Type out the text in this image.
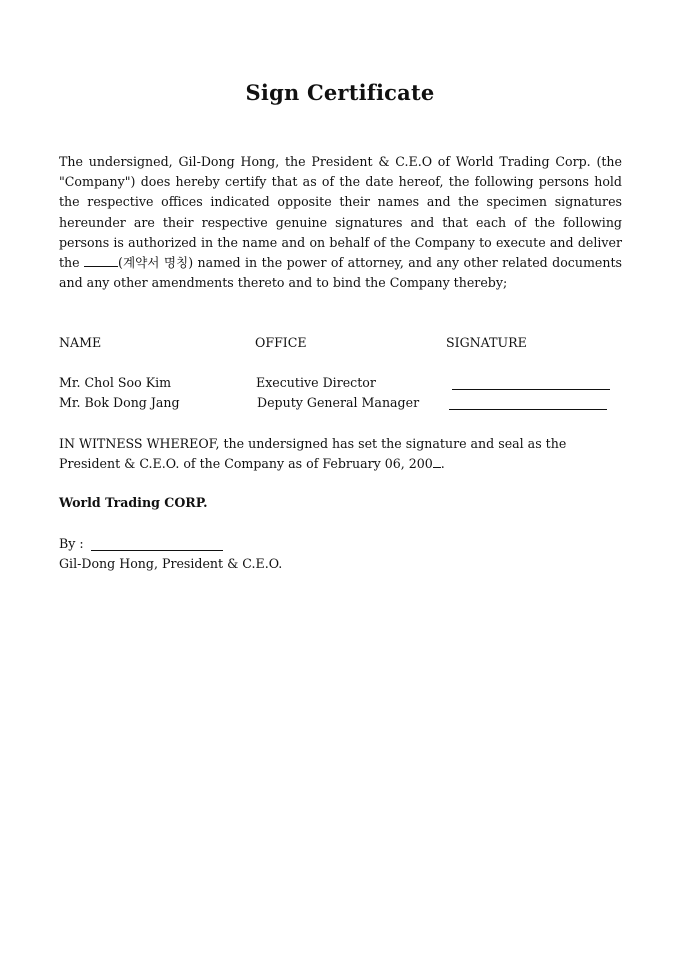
Sign Certificate
The undersigned, Gil-Dong Hong, the President & C.E.O of World Trading Corp. (the "Company") does hereby certify that as of the date hereof, the following persons hold the respective offices indicated opposite their names and the specimen signatures hereunder are their respective genuine signatures and that each of the following persons is authorized in the name and on behalf of the Company to execute and deliver the	(계약서 명칭) named in the power of attorney, and any other related documents and any other amendments thereto and to bind the Company thereby;
NAME	OFFICE	SIGNATURE
Mr. Chol Soo Kim	Executive Director
Mr. Bok Dong Jang	Deputy General Manager
IN WITNESS WHEREOF, the undersigned has set the signature and seal as the President & C.E.O. of the Company as of February 06, 200 .
World Trading CORP.
By :
Gil-Dong Hong, President & C.E.O.
